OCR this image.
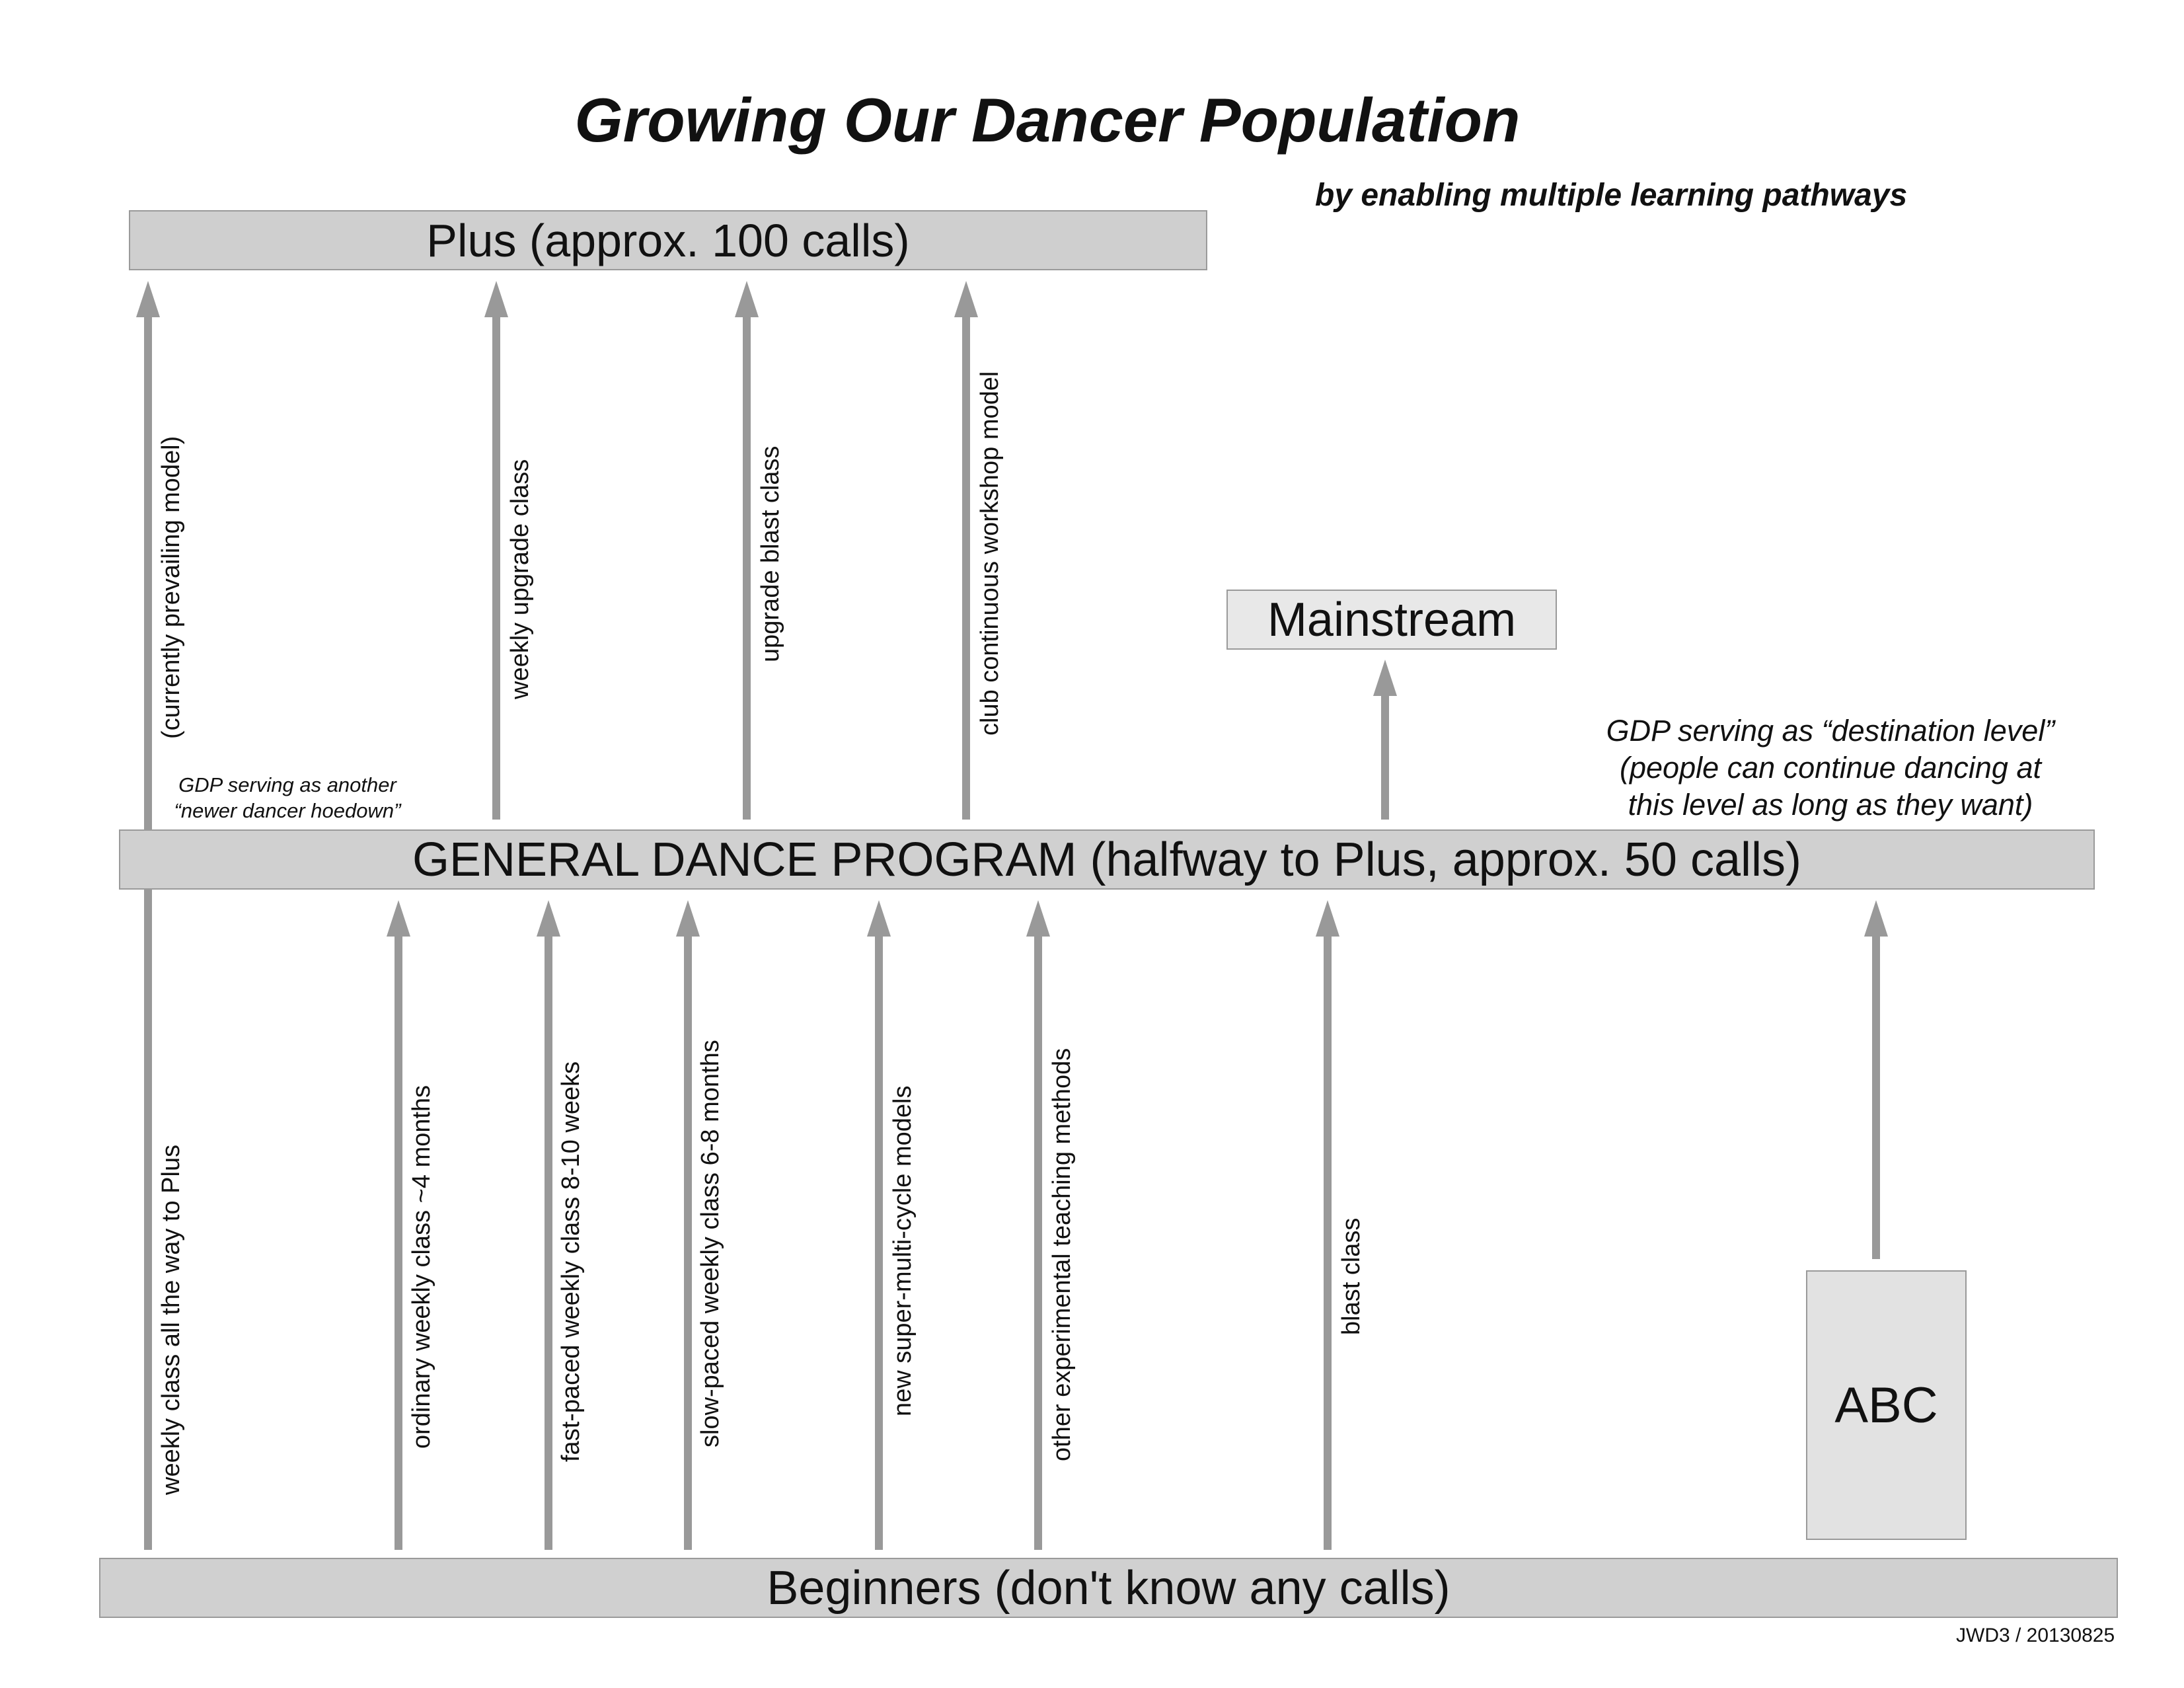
Growing Our Dancer Population
by enabling multiple learning pathways
Plus (approx. 100 calls)
Mainstream
GENERAL DANCE PROGRAM (halfway to Plus, approx. 50 calls)
Beginners (don't know any calls)
ABC
(currently prevailing model)	weekly upgrade class	upgrade blast class	club continuous workshop model
weekly class all the way to Plus	ordinary weekly class ~4 months	fast-paced weekly class 8-10 weeks	slow-paced weekly class 6-8 months	new super-multi-cycle models	other experimental teaching methods	blast class
GDP serving as another
“newer dancer hoedown”
GDP serving as “destination level”
(people can continue dancing at
this level as long as they want)
JWD3 / 20130825
